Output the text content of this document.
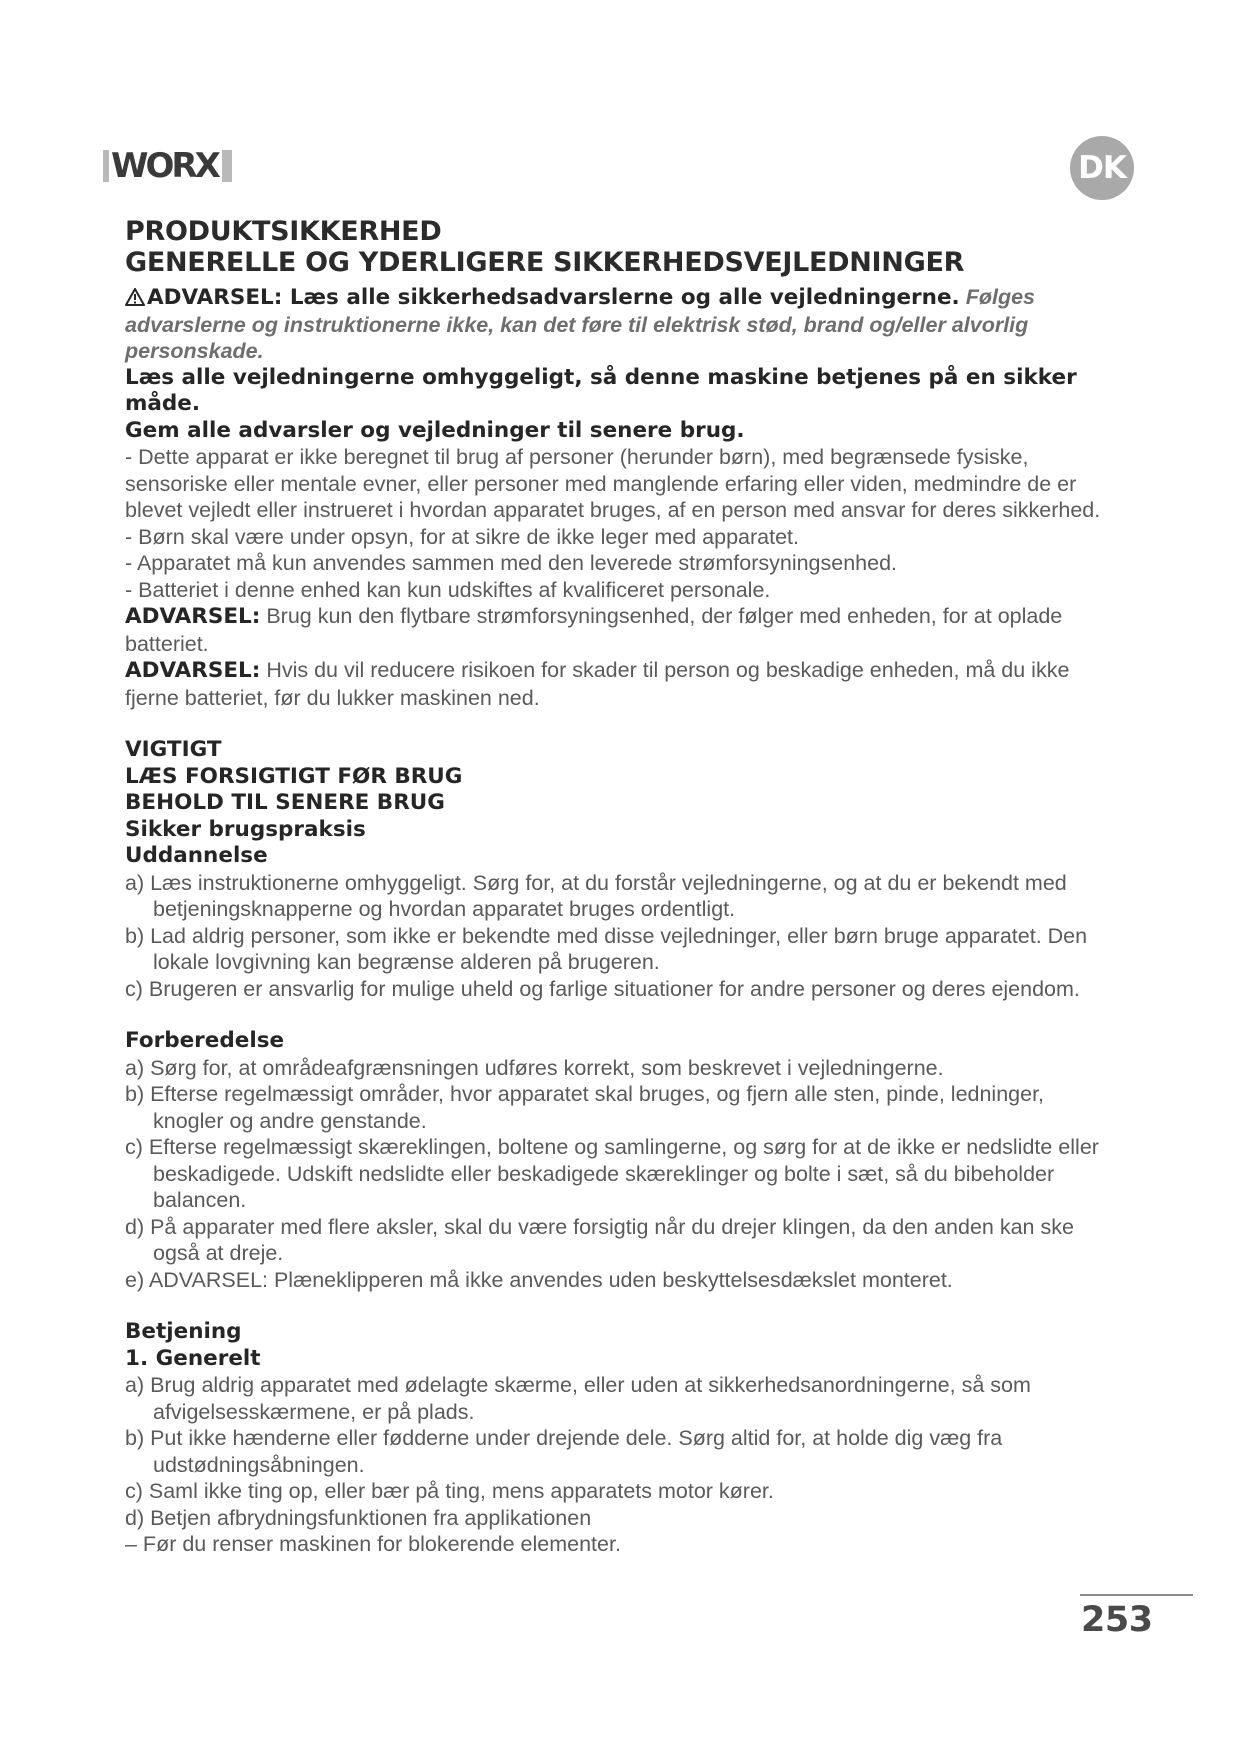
WORX	DK
PRODUKTSIKKERHED
GENERELLE OG YDERLIGERE SIKKERHEDSVEJLEDNINGER

ADVARSEL: Læs alle sikkerhedsadvarslerne og alle vejledningerne. Følges advarslerne og instruktionerne ikke, kan det føre til elektrisk stød, brand og/eller alvorlig personskade.

Læs alle vejledningerne omhyggeligt, så denne maskine betjenes på en sikker måde.

Gem alle advarsler og vejledninger til senere brug.

- Dette apparat er ikke beregnet til brug af personer (herunder børn), med begrænsede fysiske, sensoriske eller mentale evner, eller personer med manglende erfaring eller viden, medmindre de er blevet vejledt eller instrueret i hvordan apparatet bruges, af en person med ansvar for deres sikkerhed.

- Børn skal være under opsyn, for at sikre de ikke leger med apparatet.

- Apparatet må kun anvendes sammen med den leverede strømforsyningsenhed.

- Batteriet i denne enhed kan kun udskiftes af kvalificeret personale.

ADVARSEL: Brug kun den flytbare strømforsyningsenhed, der følger med enheden, for at oplade batteriet.

ADVARSEL: Hvis du vil reducere risikoen for skader til person og beskadige enheden, må du ikke fjerne batteriet, før du lukker maskinen ned.

VIGTIGT

LÆS FORSIGTIGT FØR BRUG

BEHOLD TIL SENERE BRUG

Sikker brugspraksis

Uddannelse

a) Læs instruktionerne omhyggeligt. Sørg for, at du forstår vejledningerne, og at du er bekendt med betjeningsknapperne og hvordan apparatet bruges ordentligt.

b) Lad aldrig personer, som ikke er bekendte med disse vejledninger, eller børn bruge apparatet. Den lokale lovgivning kan begrænse alderen på brugeren.

c) Brugeren er ansvarlig for mulige uheld og farlige situationer for andre personer og deres ejendom.

Forberedelse

a) Sørg for, at områdeafgrænsningen udføres korrekt, som beskrevet i vejledningerne.

b) Efterse regelmæssigt områder, hvor apparatet skal bruges, og fjern alle sten, pinde, ledninger, knogler og andre genstande.

c) Efterse regelmæssigt skæreklingen, boltene og samlingerne, og sørg for at de ikke er nedslidte eller beskadigede. Udskift nedslidte eller beskadigede skæreklinger og bolte i sæt, så du bibeholder balancen.

d) På apparater med flere aksler, skal du være forsigtig når du drejer klingen, da den anden kan ske også at dreje.

e) ADVARSEL: Plæneklipperen må ikke anvendes uden beskyttelsesdækslet monteret.

Betjening

1. Generelt

a) Brug aldrig apparatet med ødelagte skærme, eller uden at sikkerhedsanordningerne, så som afvigelsesskærmene, er på plads.

b) Put ikke hænderne eller fødderne under drejende dele. Sørg altid for, at holde dig væg fra udstødningsåbningen.

c) Saml ikke ting op, eller bær på ting, mens apparatets motor kører.

d) Betjen afbrydningsfunktionen fra applikationen

– Før du renser maskinen for blokerende elementer.

253
